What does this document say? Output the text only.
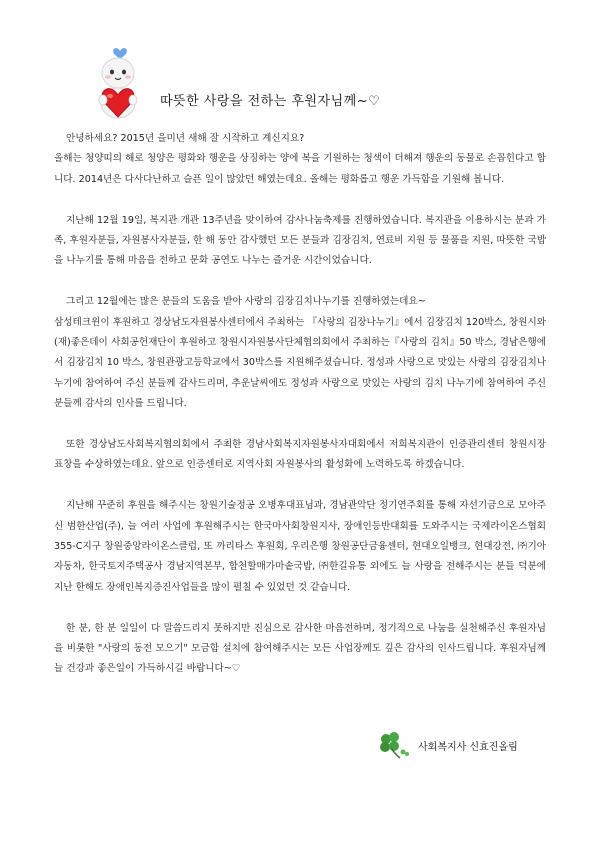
따뜻한 사랑을 전하는 후원자님께~♡

안녕하세요? 2015년 을미년 새해 잘 시작하고 계신지요?
올해는 청양띠의 해로 청양은 평화와 행운을 상징하는 양에 복을 기원하는 청색이 더해져 행운의 동물로 손꼽힌다고 합니다. 2014년은 다사다난하고 슬픈 일이 많았던 해였는데요. 올해는 평화롭고 행운 가득함을 기원해 봅니다.

지난해 12월 19일, 복지관 개관 13주년을 맞이하여 감사나눔축제를 진행하였습니다. 복지관을 이용하시는 분과 가족, 후원자분들, 자원봉사자분들, 한 해 동안 감사했던 모든 분들과 김장김치, 연료비 지원 등 물품을 지원, 따뜻한 국밥을 나누기를 통해 마음을 전하고 문화 공연도 나누는 즐거운 시간이었습니다.

그리고 12월에는 많은 분들의 도움을 받아 사랑의 김장김치나누기를 진행하였는데요~
삼성테크윈이 후원하고 경상남도자원봉사센터에서 주최하는 『사랑의 김장나누기』에서 김장김치 120박스, 창원시와 (재)좋은데이 사회공헌재단이 후원하고 창원시자원봉사단체협의회에서 주최하는『사랑의 김치』50 박스, 경남은행에서 김장김치 10 박스, 창원관광고등학교에서 30박스를 지원해주셨습니다. 정성과 사랑으로 맛있는 사랑의 김장김치나누기에 참여하여 주신 분들께 감사드리며, 추운날씨에도 정성과 사랑으로 맛있는 사랑의 김치 나누기에 참여하여 주신 분들께 감사의 인사를 드립니다.

또한 경상남도사회복지협의회에서 주최한 경남사회복지자원봉사자대회에서 저희복지관이 인증관리센터 창원시장표창을 수상하였는데요. 앞으로 인증센터로 지역사회 자원봉사의 활성화에 노력하도록 하겠습니다.

지난해 꾸준히 후원을 해주시는 창원기술정공 오병후대표님과, 경남관악단 정기연주회를 통해 자선기금으로 모아주신 범한산업(주), 늘 여러 사업에 후원해주시는 한국마사회창원지사, 장애인등반대회를 도와주시는 국제라이온스협회 355-C지구 창원중앙라이온스클럽, 또 까리타스 후원회, 우리은행 창원공단금융센터, 현대오일뱅크, 현대강전, ㈜기아자동차, 한국토지주택공사 경남지역본부, 합천할매가마솥국밥, ㈜한길유통 외에도 늘 사랑을 전해주시는 분들 덕분에 지난 한해도 장애인복지증진사업들을 많이 펼칠 수 있었던 것 같습니다.

한 분, 한 분 일일이 다 말씀드리지 못하지만 진심으로 감사한 마음전하며, 정기적으로 나눔을 실천해주신 후원자님을 비롯한 "사랑의 동전 모으기" 모금함 설치에 참여해주시는 모든 사업장께도 깊은 감사의 인사드립니다. 후원자님께 늘 건강과 좋은일이 가득하시길 바랍니다~♡

사회복지사 신효진올림
